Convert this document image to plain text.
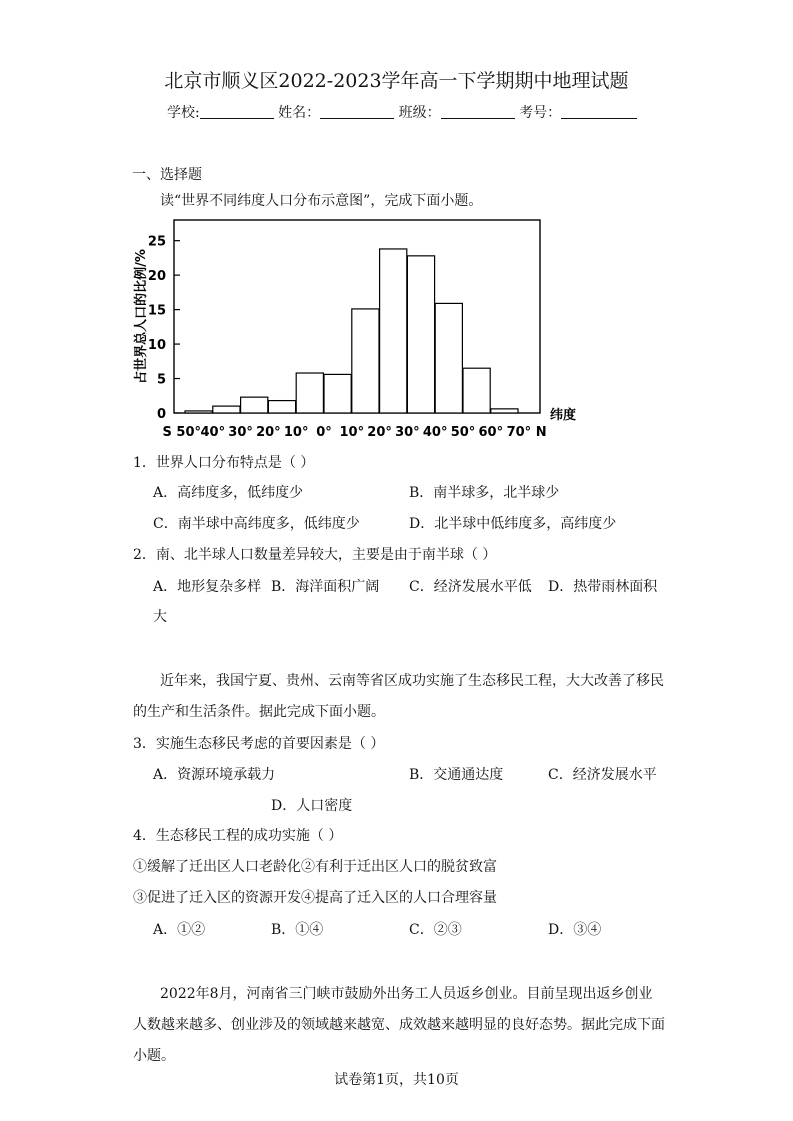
北京市顺义区2022-2023学年高一下学期期中地理试题
学校:	姓名：	班级：	考号：
一、选择题
读“世界不同纬度人口分布示意图”，完成下面小题。
0
5
10
15
20
25
S 50° 40° 30° 20° 10° 0° 10° 20° 30° 40° 50° 60° 70° N
纬度
占世界总人口的比例/%
1．世界人口分布特点是（ ）
A．高纬度多，低纬度少	B．南半球多，北半球少
C．南半球中高纬度多，低纬度少	D．北半球中低纬度多，高纬度少
2．南、北半球人口数量差异较大，主要是由于南半球（ ）
A．地形复杂多样 B．海洋面积广阔 C．经济发展水平低 D．热带雨林面积
大
近年来，我国宁夏、贵州、云南等省区成功实施了生态移民工程，大大改善了移民
的生产和生活条件。据此完成下面小题。
3．实施生态移民考虑的首要因素是（ ）
A．资源环境承载力	B．交通通达度	C．经济发展水平
D．人口密度
4．生态移民工程的成功实施（ ）
①缓解了迁出区人口老龄化②有利于迁出区人口的脱贫致富
③促进了迁入区的资源开发④提高了迁入区的人口合理容量
A．①②	B．①④	C．②③	D．③④
2022年8月，河南省三门峡市鼓励外出务工人员返乡创业。目前呈现出返乡创业
人数越来越多、创业涉及的领域越来越宽、成效越来越明显的良好态势。据此完成下面
小题。
试卷第1页，共10页
